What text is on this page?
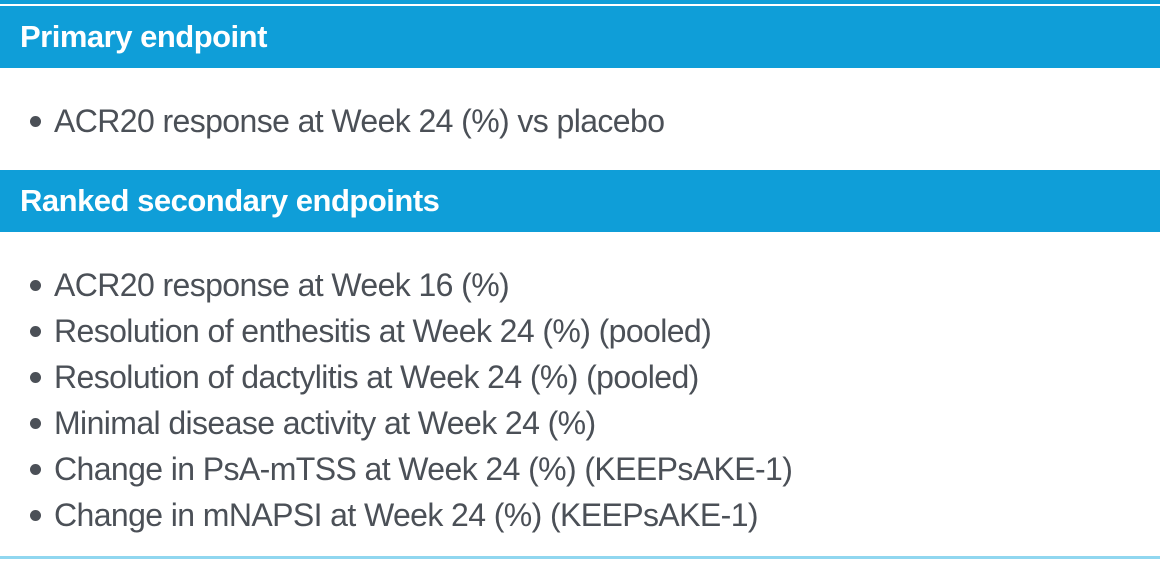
Primary endpoint
ACR20 response at Week 24 (%) vs placebo
Ranked secondary endpoints
ACR20 response at Week 16 (%)
Resolution of enthesitis at Week 24 (%) (pooled)
Resolution of dactylitis at Week 24 (%) (pooled)
Minimal disease activity at Week 24 (%)
Change in PsA-mTSS at Week 24 (%) (KEEPsAKE-1)
Change in mNAPSI at Week 24 (%) (KEEPsAKE-1)
